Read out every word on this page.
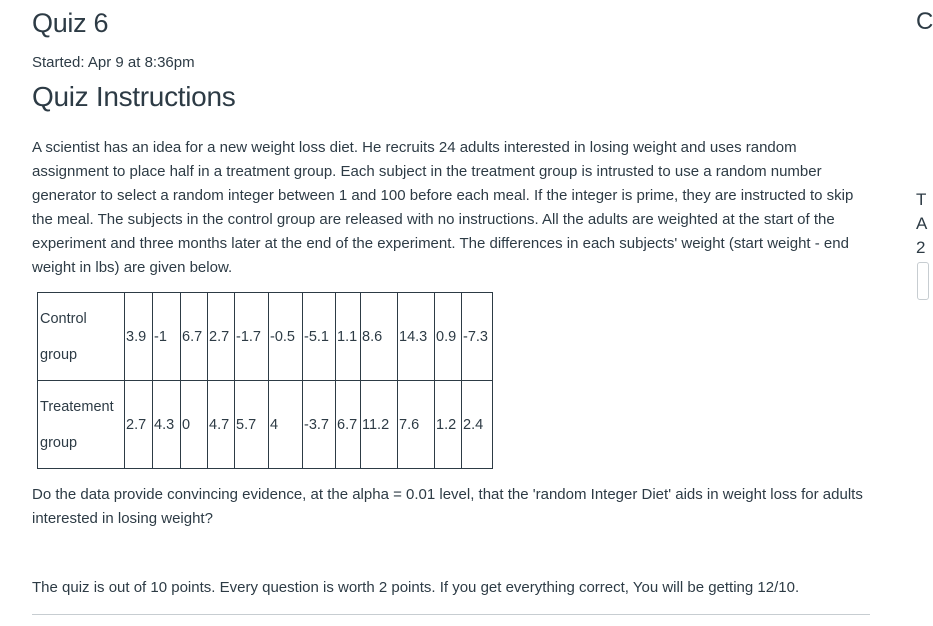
Quiz 6
Started: Apr 9 at 8:36pm
Quiz Instructions
A scientist has an idea for a new weight loss diet. He recruits 24 adults interested in losing weight and uses random assignment to place half in a treatment group. Each subject in the treatment group is intrusted to use a random number generator to select a random integer between 1 and 100 before each meal. If the integer is prime, they are instructed to skip the meal. The subjects in the control group are released with no instructions. All the adults are weighted at the start of the experiment and three months later at the end of the experiment. The differences in each subjects' weight (start weight - end weight in lbs) are given below.
Control
group	3.9	-1	6.7	2.7	-1.7	-0.5	-5.1	1.1	8.6	14.3	0.9	-7.3
Treatement
group	2.7	4.3	0	4.7	5.7	4	-3.7	6.7	11.2	7.6	1.2	2.4
Do the data provide convincing evidence, at the alpha = 0.01 level, that the 'random Integer Diet' aids in weight loss for adults interested in losing weight?
The quiz is out of 10 points. Every question is worth 2 points. If you get everything correct, You will be getting 12/10.
C
T
A
2
